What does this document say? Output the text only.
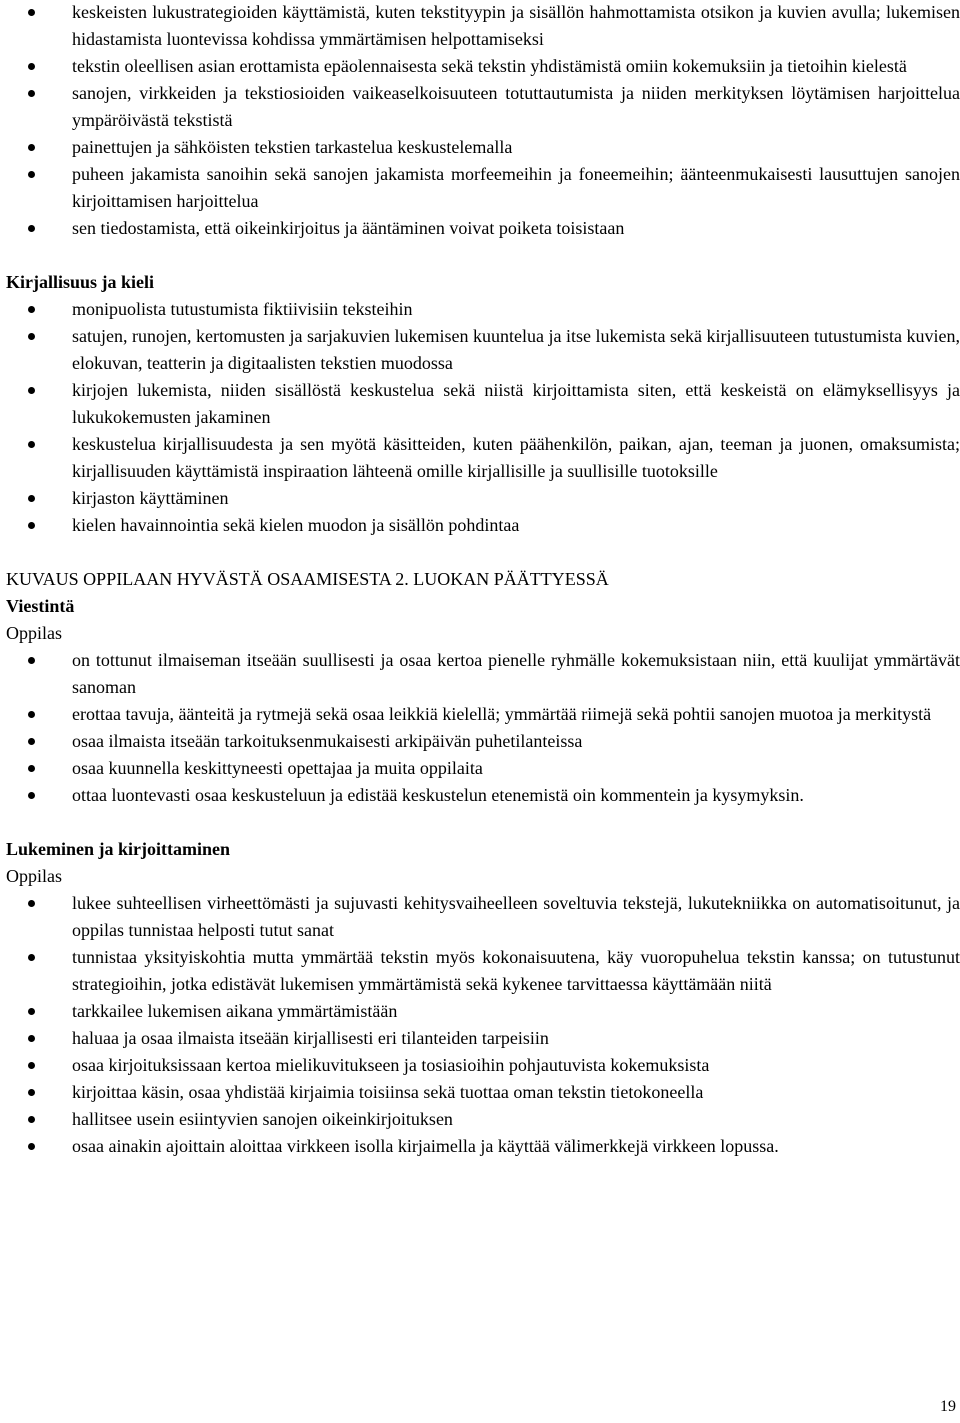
keskeisten lukustrategioiden käyttämistä, kuten tekstityypin ja sisällön hahmottamista otsikon ja kuvien avulla; lukemisen hidastamista luontevissa kohdissa ymmärtämisen helpottamiseksi
tekstin oleellisen asian erottamista epäolennaisesta sekä tekstin yhdistämistä omiin kokemuksiin ja tietoihin kielestä
sanojen, virkkeiden ja tekstiosioiden vaikeaselkoisuuteen totuttautumista ja niiden merkityksen löytämisen harjoittelua ympäröivästä tekstistä
painettujen ja sähköisten tekstien tarkastelua keskustelemalla
puheen jakamista sanoihin sekä sanojen jakamista morfeemeihin ja foneemeihin; äänteenmukaisesti lausuttujen sanojen kirjoittamisen harjoittelua
sen tiedostamista, että oikeinkirjoitus ja ääntäminen voivat poiketa toisistaan
Kirjallisuus ja kieli
monipuolista tutustumista fiktiivisiin teksteihin
satujen, runojen, kertomusten ja sarjakuvien lukemisen kuuntelua ja itse lukemista sekä kirjallisuuteen tutustumista kuvien, elokuvan, teatterin ja digitaalisten tekstien muodossa
kirjojen lukemista, niiden sisällöstä keskustelua sekä niistä kirjoittamista siten, että keskeistä on elämyksellisyys ja lukukokemusten jakaminen
keskustelua kirjallisuudesta ja sen myötä käsitteiden, kuten päähenkilön, paikan, ajan, teeman ja juonen, omaksumista; kirjallisuuden käyttämistä inspiraation lähteenä omille kirjallisille ja suullisille tuotoksille
kirjaston käyttäminen
kielen havainnointia sekä kielen muodon ja sisällön pohdintaa
KUVAUS OPPILAAN HYVÄSTÄ OSAAMISESTA 2. LUOKAN PÄÄTTYESSÄ
Viestintä
Oppilas
on tottunut ilmaiseman itseään suullisesti ja osaa kertoa pienelle ryhmälle kokemuksistaan niin, että kuulijat ymmärtävät sanoman
erottaa tavuja, äänteitä ja rytmejä sekä osaa leikkiä kielellä; ymmärtää riimejä sekä pohtii sanojen muotoa ja merkitystä
osaa ilmaista itseään tarkoituksenmukaisesti arkipäivän puhetilanteissa
osaa kuunnella keskittyneesti opettajaa ja muita oppilaita
ottaa luontevasti osaa keskusteluun ja edistää keskustelun etenemistä oin kommentein ja kysymyksin.
Lukeminen ja kirjoittaminen
Oppilas
lukee suhteellisen virheettömästi ja sujuvasti kehitysvaiheelleen soveltuvia tekstejä, lukutekniikka on automatisoitunut, ja oppilas tunnistaa helposti tutut sanat
tunnistaa yksityiskohtia mutta ymmärtää tekstin myös kokonaisuutena, käy vuoropuhelua tekstin kanssa; on tutustunut strategioihin, jotka edistävät lukemisen ymmärtämistä sekä kykenee tarvittaessa käyttämään niitä
tarkkailee lukemisen aikana ymmärtämistään
haluaa ja osaa ilmaista itseään kirjallisesti eri tilanteiden tarpeisiin
osaa kirjoituksissaan kertoa mielikuvitukseen ja tosiasioihin pohjautuvista kokemuksista
kirjoittaa käsin, osaa yhdistää kirjaimia toisiinsa sekä tuottaa oman tekstin tietokoneella
hallitsee usein esiintyvien sanojen oikeinkirjoituksen
osaa ainakin ajoittain aloittaa virkkeen isolla kirjaimella ja käyttää välimerkkejä virkkeen lopussa.
19
